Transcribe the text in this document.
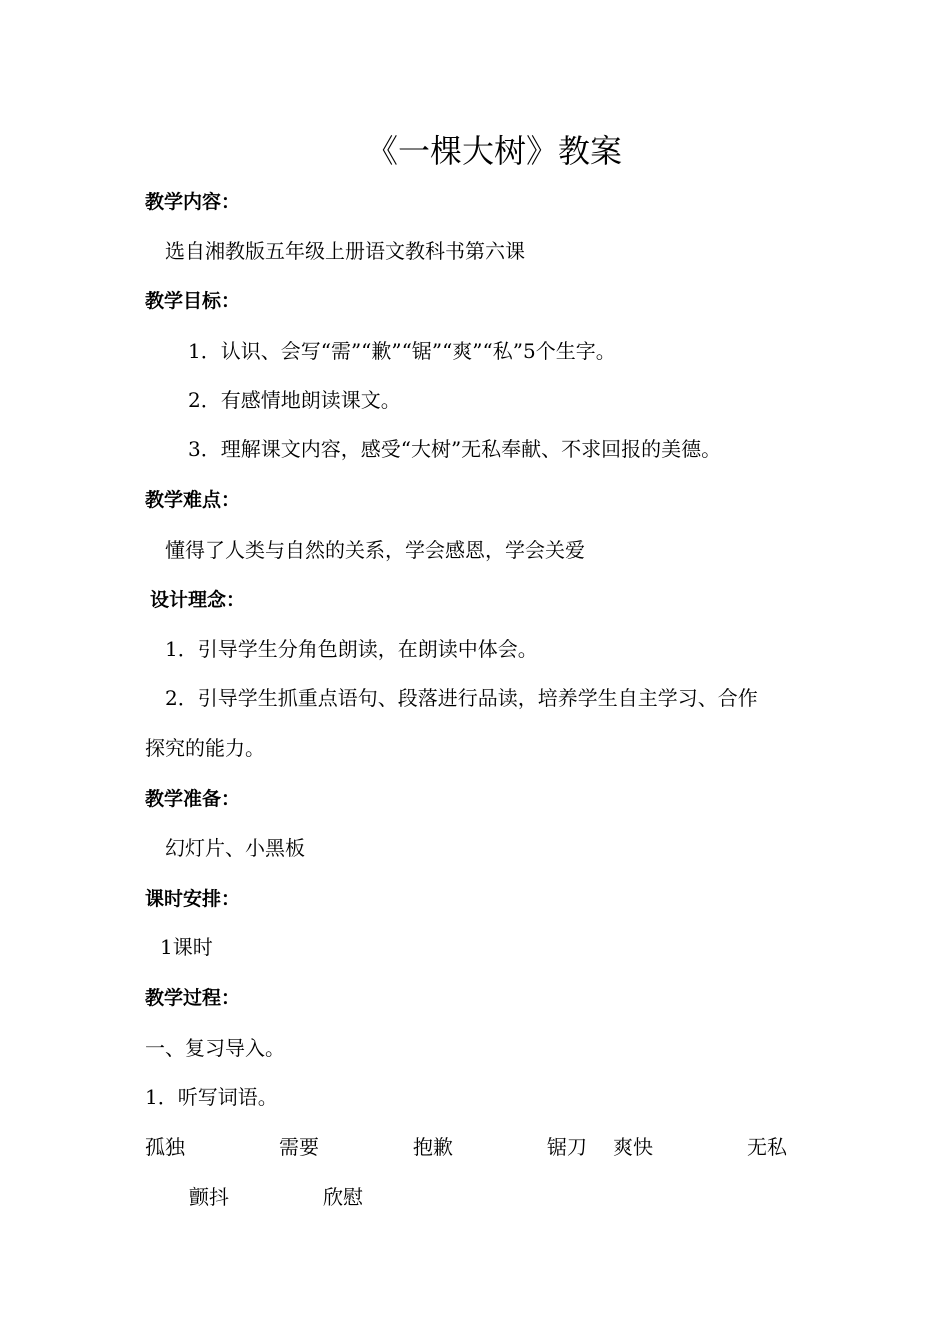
《一棵大树》教案
教学内容：
选自湘教版五年级上册语文教科书第六课
教学目标：
1．认识、会写“需”“歉”“锯”“爽”“私”5个生字。
2．有感情地朗读课文。
3．理解课文内容，感受“大树”无私奉献、不求回报的美德。
教学难点：
懂得了人类与自然的关系，学会感恩，学会关爱
设计理念：
1．引导学生分角色朗读，在朗读中体会。
2．引导学生抓重点语句、段落进行品读，培养学生自主学习、合作
探究的能力。
教学准备：
幻灯片、小黑板
课时安排：
1课时
教学过程：
一、复习导入。
1．听写词语。
孤独	需要	抱歉	锯刀 爽快	无私
颤抖	欣慰
